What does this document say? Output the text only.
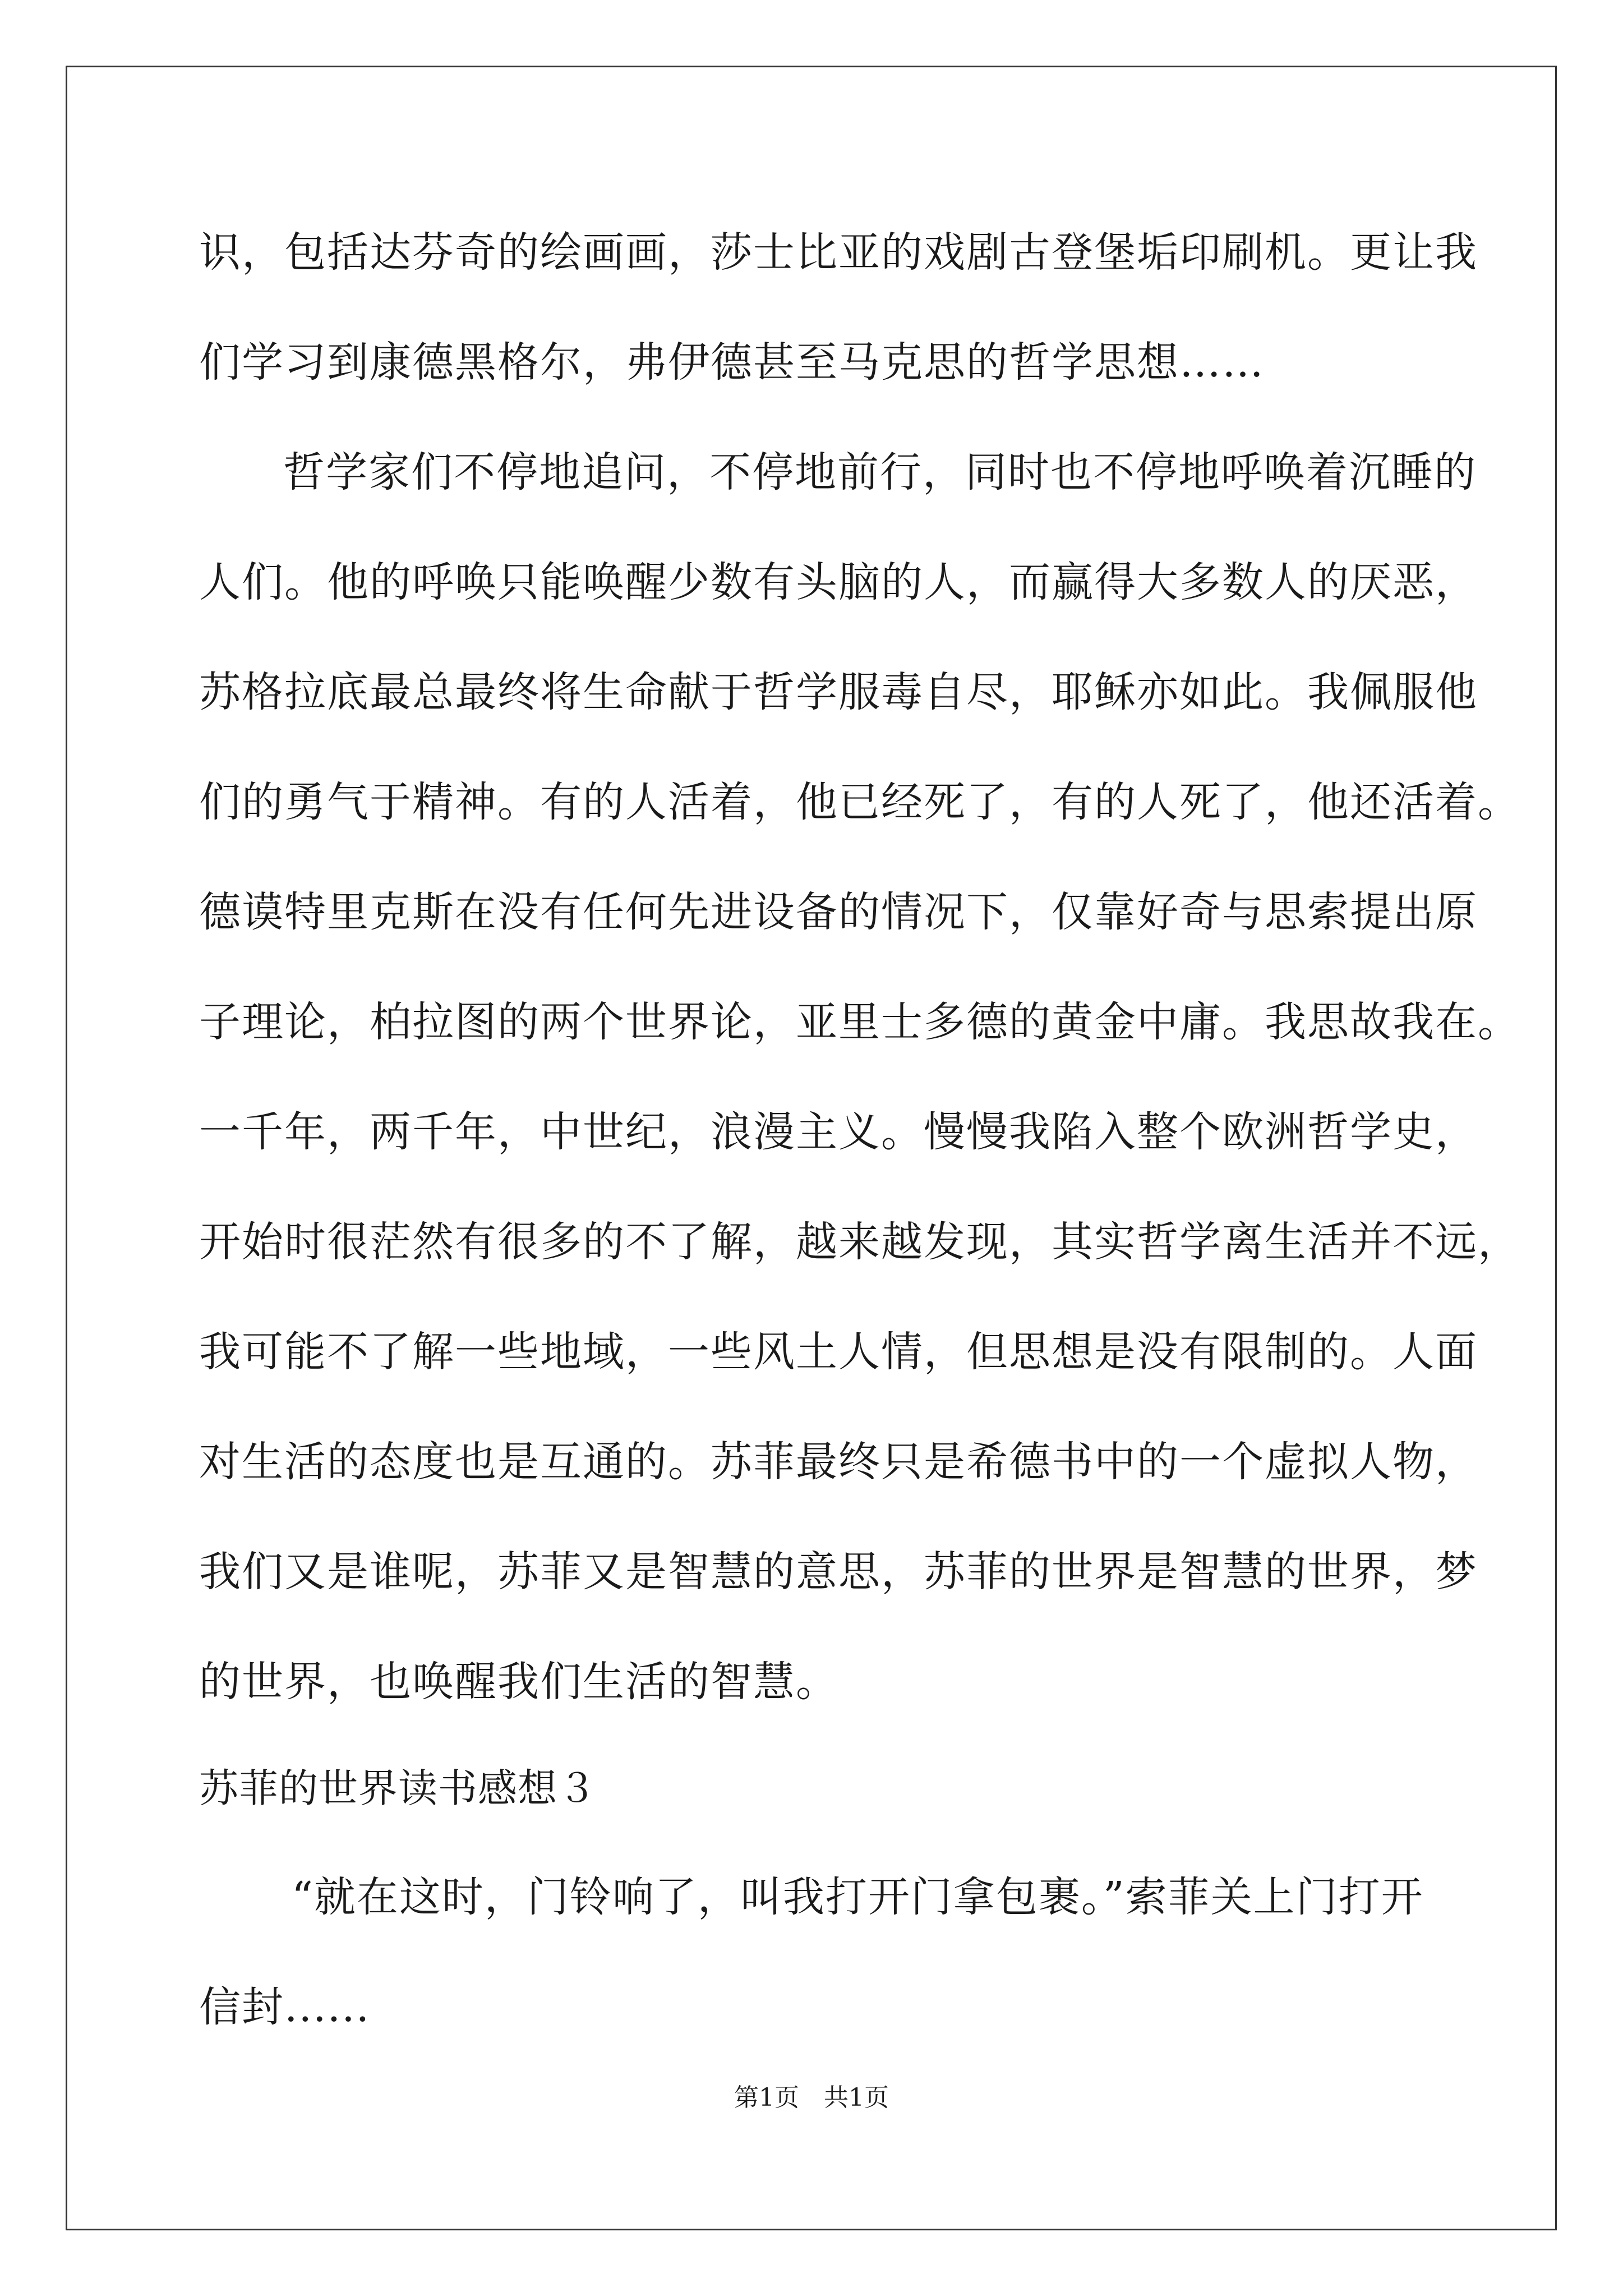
识，包括达芬奇的绘画画，莎士比亚的戏剧古登堡垢印刷机。更让我
们学习到康德黑格尔，弗伊德甚至马克思的哲学思想……
哲学家们不停地追问，不停地前行，同时也不停地呼唤着沉睡的
人们。他的呼唤只能唤醒少数有头脑的人，而赢得大多数人的厌恶，
苏格拉底最总最终将生命献于哲学服毒自尽，耶稣亦如此。我佩服他
们的勇气于精神。有的人活着，他已经死了，有的人死了，他还活着。
德谟特里克斯在没有任何先进设备的情况下，仅靠好奇与思索提出原
子理论，柏拉图的两个世界论，亚里士多德的黄金中庸。我思故我在。
一千年，两千年，中世纪，浪漫主义。慢慢我陷入整个欧洲哲学史，
开始时很茫然有很多的不了解，越来越发现，其实哲学离生活并不远，
我可能不了解一些地域，一些风土人情，但思想是没有限制的。人面
对生活的态度也是互通的。苏菲最终只是希德书中的一个虚拟人物，
我们又是谁呢，苏菲又是智慧的意思，苏菲的世界是智慧的世界，梦
的世界，也唤醒我们生活的智慧。
苏菲的世界读书感想３
“就在这时，门铃响了，叫我打开门拿包裹。”索菲关上门打开
信封......
第1页　共1页
